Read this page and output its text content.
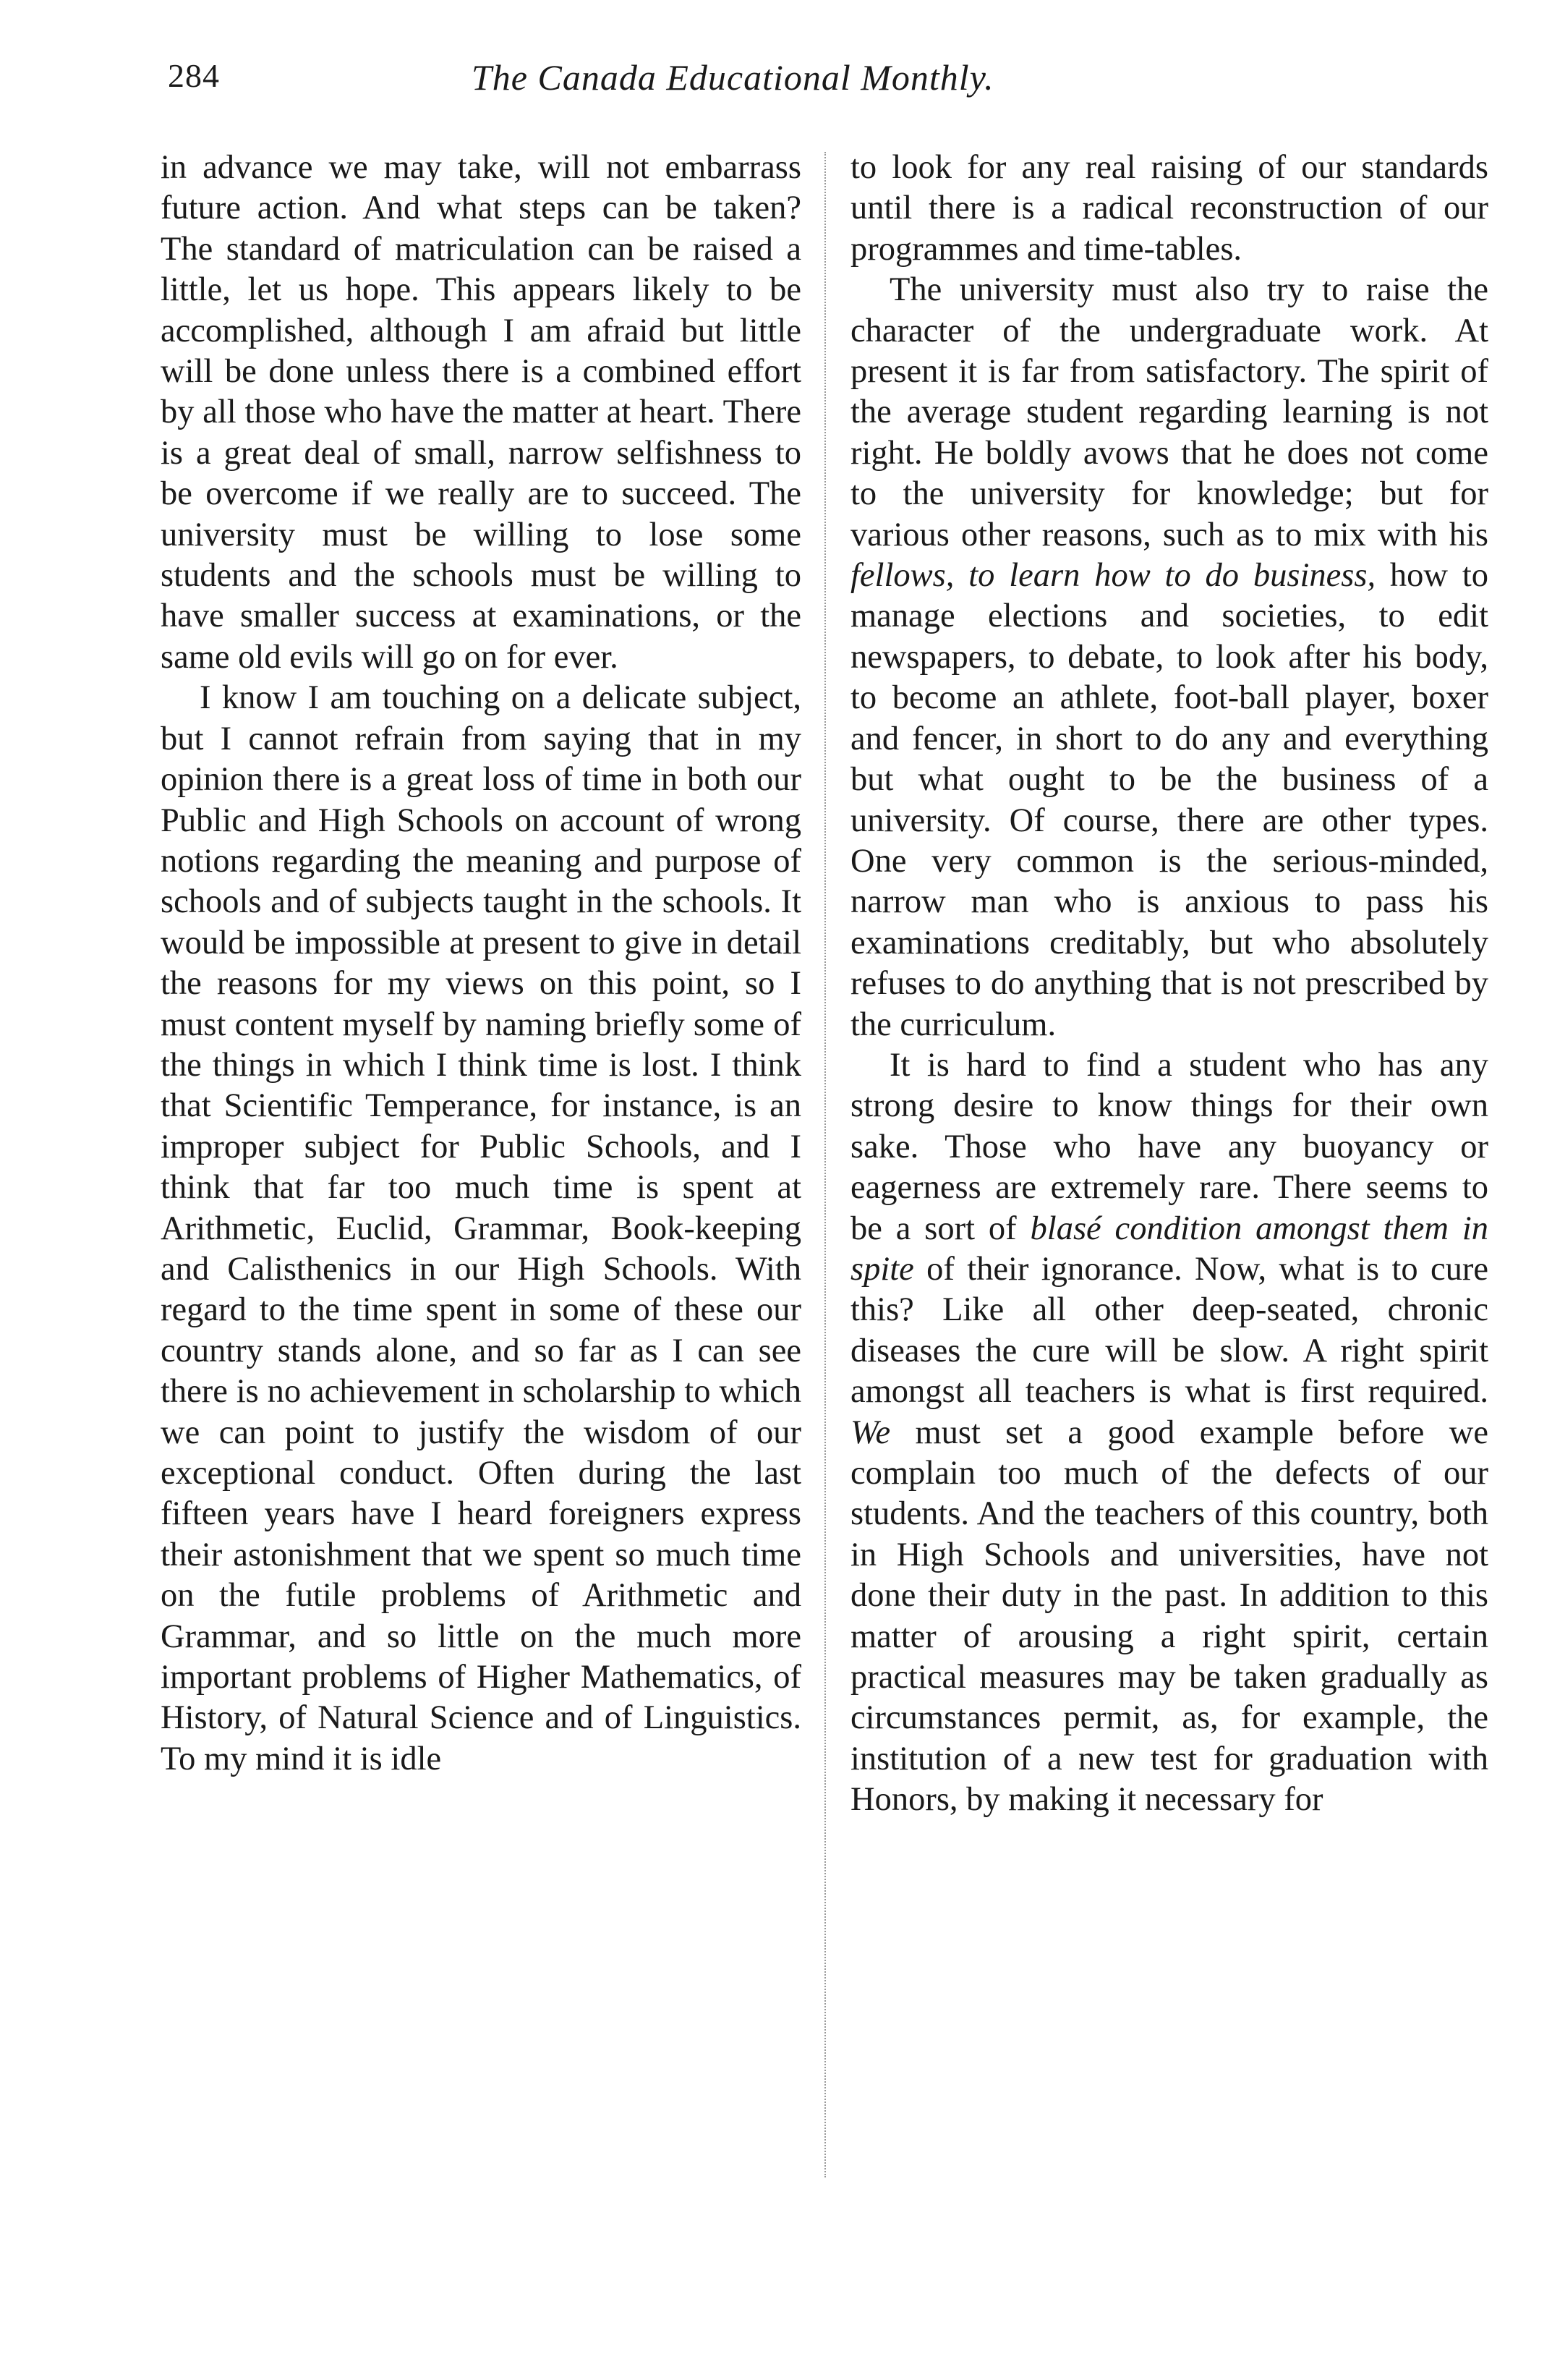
284	The Canada Educational Monthly.

in advance we may take, will not embarrass future action. And what steps can be taken? The standard of matriculation can be raised a little, let us hope. This appears likely to be accomplished, although I am afraid but little will be done unless there is a combined effort by all those who have the matter at heart. There is a great deal of small, narrow selfishness to be overcome if we really are to succeed. The university must be willing to lose some students and the schools must be willing to have smaller success at examinations, or the same old evils will go on for ever.

I know I am touching on a delicate subject, but I cannot refrain from saying that in my opinion there is a great loss of time in both our Public and High Schools on account of wrong notions regarding the meaning and purpose of schools and of subjects taught in the schools. It would be impossible at present to give in detail the reasons for my views on this point, so I must content myself by naming briefly some of the things in which I think time is lost. I think that Scientific Temperance, for instance, is an improper subject for Public Schools, and I think that far too much time is spent at Arithmetic, Euclid, Grammar, Book-keeping and Calisthenics in our High Schools. With regard to the time spent in some of these our country stands alone, and so far as I can see there is no achievement in scholarship to which we can point to justify the wisdom of our exceptional conduct. Often during the last fifteen years have I heard foreigners express their astonishment that we spent so much time on the futile problems of Arithmetic and Grammar, and so little on the much more important problems of Higher Mathematics, of History, of Natural Science and of Linguistics. To my mind it is idle

to look for any real raising of our standards until there is a radical reconstruction of our programmes and time-tables.

The university must also try to raise the character of the undergraduate work. At present it is far from satisfactory. The spirit of the average student regarding learning is not right. He boldly avows that he does not come to the university for knowledge; but for various other reasons, such as to mix with his fellows, to learn how to do business, how to manage elections and societies, to edit newspapers, to debate, to look after his body, to become an athlete, foot-ball player, boxer and fencer, in short to do any and everything but what ought to be the business of a university. Of course, there are other types. One very common is the serious-minded, narrow man who is anxious to pass his examinations creditably, but who absolutely refuses to do anything that is not prescribed by the curriculum.

It is hard to find a student who has any strong desire to know things for their own sake. Those who have any buoyancy or eagerness are extremely rare. There seems to be a sort of blasé condition amongst them in spite of their ignorance. Now, what is to cure this? Like all other deep-seated, chronic diseases the cure will be slow. A right spirit amongst all teachers is what is first required. We must set a good example before we complain too much of the defects of our students. And the teachers of this country, both in High Schools and universities, have not done their duty in the past. In addition to this matter of arousing a right spirit, certain practical measures may be taken gradually as circumstances permit, as, for example, the institution of a new test for graduation with Honors, by making it necessary for
